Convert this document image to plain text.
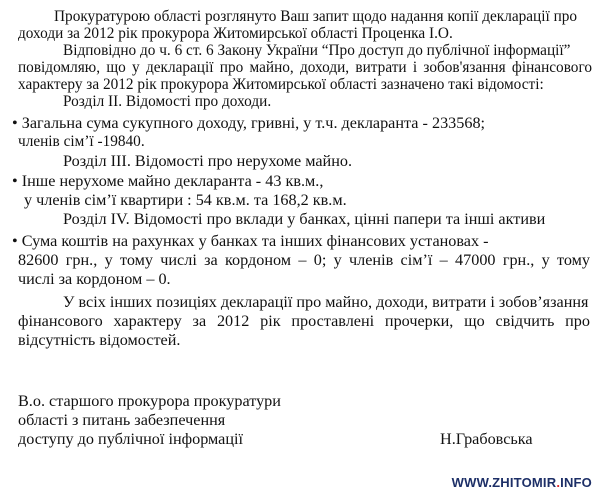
Прокуратурою області розглянуто Ваш запит щодо надання копії декларації про

доходи за 2012 рік прокурора Житомирської області Проценка І.О.

Відповідно до ч. 6 ст. 6 Закону України “Про доступ до публічної інформації”

повідомляю, що у декларації про майно, доходи, витрати і зобов'язання фінансового

характеру за 2012 рік прокурора Житомирської області зазначено такі відомості:

Розділ ІІ. Відомості про доходи.

• Загальна сума сукупного доходу, гривні, у т.ч. декларанта - 233568;

членів сім’ї -19840.

Розділ ІІІ. Відомості про нерухоме майно.

• Інше нерухоме майно декларанта - 43 кв.м.,

у членів сім’ї квартири : 54 кв.м. та 168,2 кв.м.

Розділ ІV. Відомості про вклади у банках, цінні папери та інші активи

• Сума коштів на рахунках у банках та інших фінансових установах -

82600 грн., у тому числі за кордоном – 0; у членів сім’ї – 47000 грн., у тому

числі за кордоном – 0.

У всіх інших позиціях декларації про майно, доходи, витрати і зобов’язання

фінансового характеру за 2012 рік проставлені прочерки, що свідчить про

відсутність відомостей.

В.о. старшого прокурора прокуратури

області з питань забезпечення

доступу до публічної інформації	Н.Грабовська

WWW.ZHITOMIR.INFO
